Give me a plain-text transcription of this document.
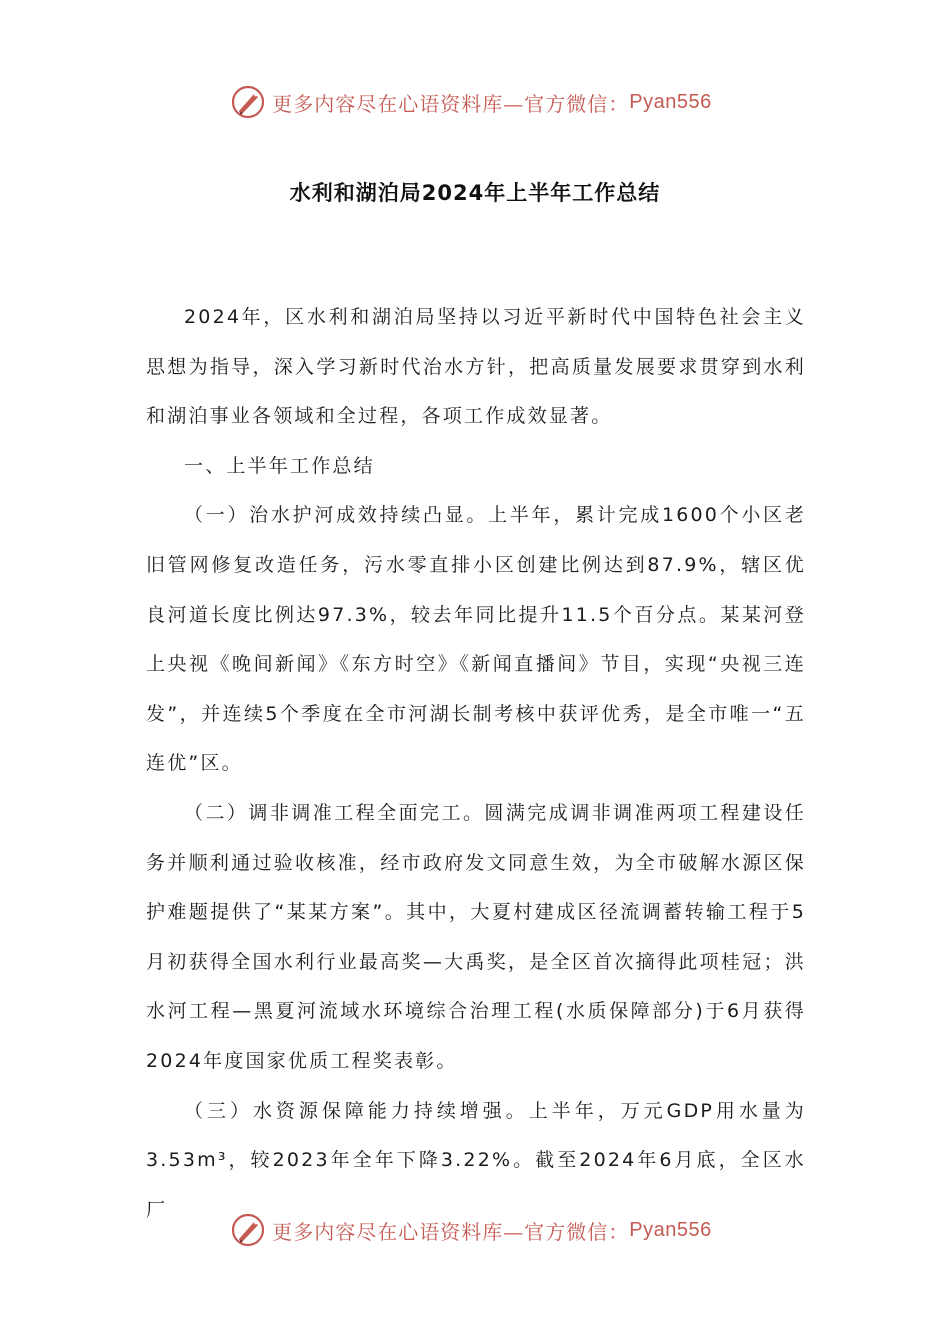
更多内容尽在心语资料库—官方微信： Pyan556
水利和湖泊局2024年上半年工作总结

2024年，区水利和湖泊局坚持以习近平新时代中国特色社会主义思想为指导，深入学习新时代治水方针，把高质量发展要求贯穿到水利和湖泊事业各领域和全过程，各项工作成效显著。

一、上半年工作总结

（一）治水护河成效持续凸显。上半年，累计完成1600个小区老旧管网修复改造任务，污水零直排小区创建比例达到87.9%，辖区优良河道长度比例达97.3%，较去年同比提升11.5个百分点。某某河登上央视《晚间新闻》《东方时空》《新闻直播间》节目，实现“央视三连发”，并连续5个季度在全市河湖长制考核中获评优秀，是全市唯一“五连优”区。

（二）调非调准工程全面完工。圆满完成调非调准两项工程建设任务并顺利通过验收核准，经市政府发文同意生效，为全市破解水源区保护难题提供了“某某方案”。其中，大夏村建成区径流调蓄转输工程于5月初获得全国水利行业最高奖—大禹奖，是全区首次摘得此项桂冠；洪水河工程—黑夏河流域水环境综合治理工程(水质保障部分)于6月获得2024年度国家优质工程奖表彰。

（三）水资源保障能力持续增强。上半年，万元GDP用水量为3.53m³，较2023年全年下降3.22%。截至2024年6月底，全区水厂

更多内容尽在心语资料库—官方微信： Pyan556
